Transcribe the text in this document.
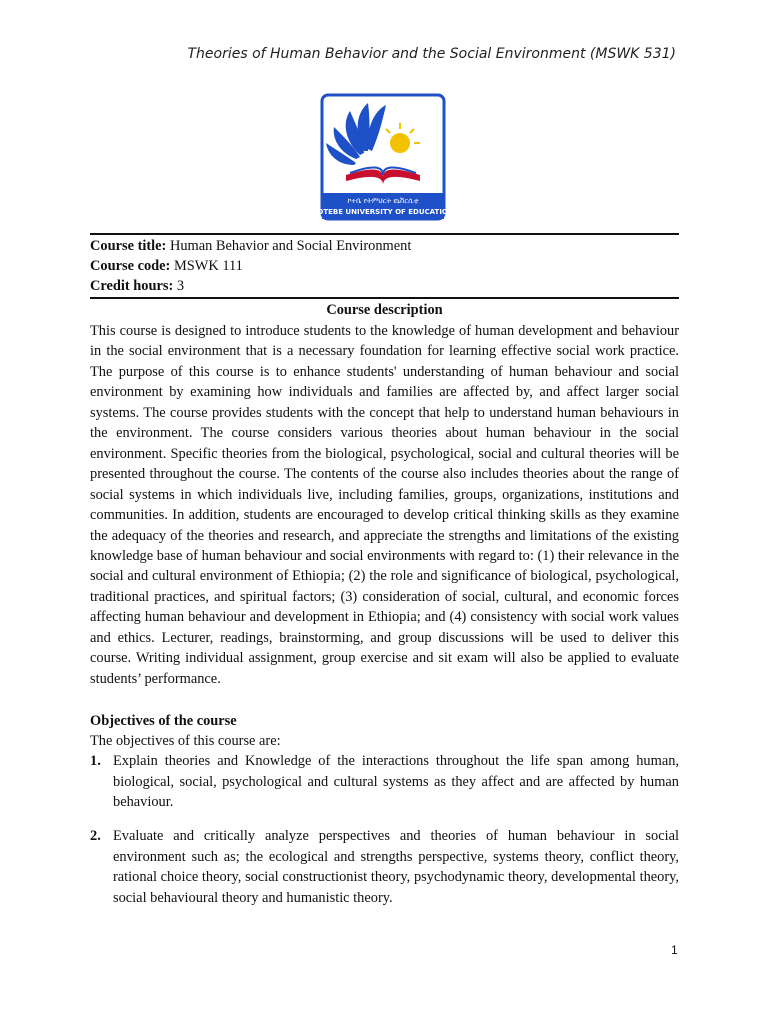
Theories of Human Behavior and the Social Environment (MSWK 531)
ኮተቤ የትምህርት ዩኒቨርሲቲ
KOTEBE UNIVERSITY OF EDUCATION
Course title: Human Behavior and Social Environment
Course code: MSWK 111
Credit hours: 3
Course description

This course is designed to introduce students to the knowledge of human development and behaviour in the social environment that is a necessary foundation for learning effective social work practice. The purpose of this course is to enhance students' understanding of human behaviour and social environment by examining how individuals and families are affected by, and affect larger social systems. The course provides students with the concept that help to understand human behaviours in the environment. The course considers various theories about human behaviour in the social environment. Specific theories from the biological, psychological, social and cultural theories will be presented throughout the course. The contents of the course also includes theories about the range of social systems in which individuals live, including families, groups, organizations, institutions and communities. In addition, students are encouraged to develop critical thinking skills as they examine the adequacy of the theories and research, and appreciate the strengths and limitations of the existing knowledge base of human behaviour and social environments with regard to: (1) their relevance in the social and cultural environment of Ethiopia; (2) the role and significance of biological, psychological, traditional practices, and spiritual factors; (3) consideration of social, cultural, and economic forces affecting human behaviour and development in Ethiopia; and (4) consistency with social work values and ethics. Lecturer, readings, brainstorming, and group discussions will be used to deliver this course. Writing individual assignment, group exercise and sit exam will also be applied to evaluate students’ performance.

Objectives of the course
The objectives of this course are:
1. Explain theories and Knowledge of the interactions throughout the life span among human, biological, social, psychological and cultural systems as they affect and are affected by human behaviour.
2. Evaluate and critically analyze perspectives and theories of human behaviour in social environment such as; the ecological and strengths perspective, systems theory, conflict theory, rational choice theory, social constructionist theory, psychodynamic theory, developmental theory, social behavioural theory and humanistic theory.
1
